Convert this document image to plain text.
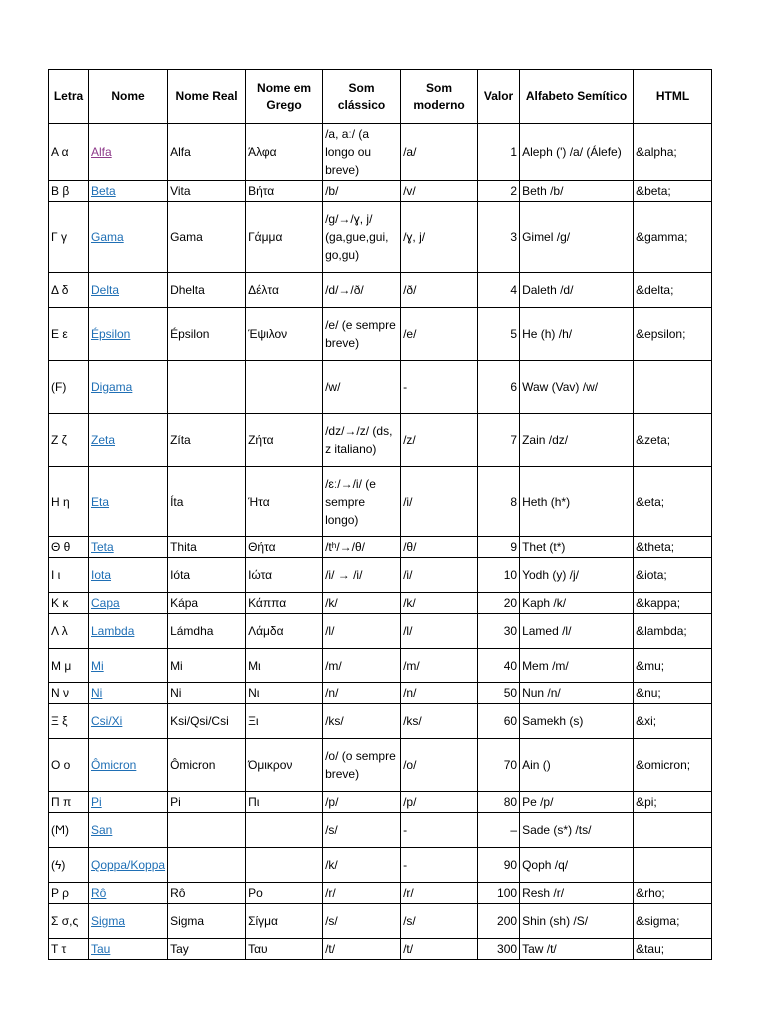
Letra	Nome	Nome Real	Nome em Grego	Som clássico	Som moderno	Valor	Alfabeto Semítico	HTML
Α α	Alfa	Alfa	Άλφα	/a, aː/ (a longo ou breve)	/a/	1	Aleph (') /a/ (Álefe)	&alpha;
Β β	Beta	Vita	Βήτα	/b/	/v/	2	Beth /b/	&beta;
Γ γ	Gama	Gama	Γάμμα	/g/→/ɣ, j/ (ga,gue,gui, go,gu)	/ɣ, j/	3	Gimel /g/	&gamma;
Δ δ	Delta	Dhelta	Δέλτα	/d/→/ð/	/ð/	4	Daleth /d/	&delta;
Ε ε	Épsilon	Épsilon	Έψιλον	/e/ (e sempre breve)	/e/	5	He (h) /h/	&epsilon;
(F)	Digama			/w/	-	6	Waw (Vav) /w/	
Ζ ζ	Zeta	Zíta	Ζήτα	/dz/→/z/ (ds, z italiano)	/z/	7	Zain /dz/	&zeta;
Η η	Eta	Íta	Ήτα	/ɛː/→/i/ (e sempre longo)	/i/	8	Heth (h*)	&eta;
Θ θ	Teta	Thita	Θήτα	/tʰ/→/θ/	/θ/	9	Thet (t*)	&theta;
Ι ι	Iota	Ióta	Ιώτα	/i/ → /i/	/i/	10	Yodh (y) /j/	&iota;
Κ κ	Capa	Kápa	Κάππα	/k/	/k/	20	Kaph /k/	&kappa;
Λ λ	Lambda	Lámdha	Λάμδα	/l/	/l/	30	Lamed /l/	&lambda;
Μ μ	Mi	Mi	Μι	/m/	/m/	40	Mem /m/	&mu;
Ν ν	Ni	Ni	Νι	/n/	/n/	50	Nun /n/	&nu;
Ξ ξ	Csi/Xi	Ksi/Qsi/Csi	Ξι	/ks/	/ks/	60	Samekh (s)	&xi;
Ο ο	Ômicron	Ômicron	Όμικρον	/o/ (o sempre breve)	/o/	70	Ain ()	&omicron;
Π π	Pi	Pi	Πι	/p/	/p/	80	Pe /p/	&pi;
(Ϻ)	San			/s/	-	–	Sade (s*) /ts/	
(ϟ)	Qoppa/Koppa			/k/	-	90	Qoph /q/	
Ρ ρ	Rô	Rô	Ρο	/r/	/r/	100	Resh /r/	&rho;
Σ σ,ς	Sigma	Sigma	Σίγμα	/s/	/s/	200	Shin (sh) /S/	&sigma;
Τ τ	Tau	Tay	Ταυ	/t/	/t/	300	Taw /t/	&tau;
